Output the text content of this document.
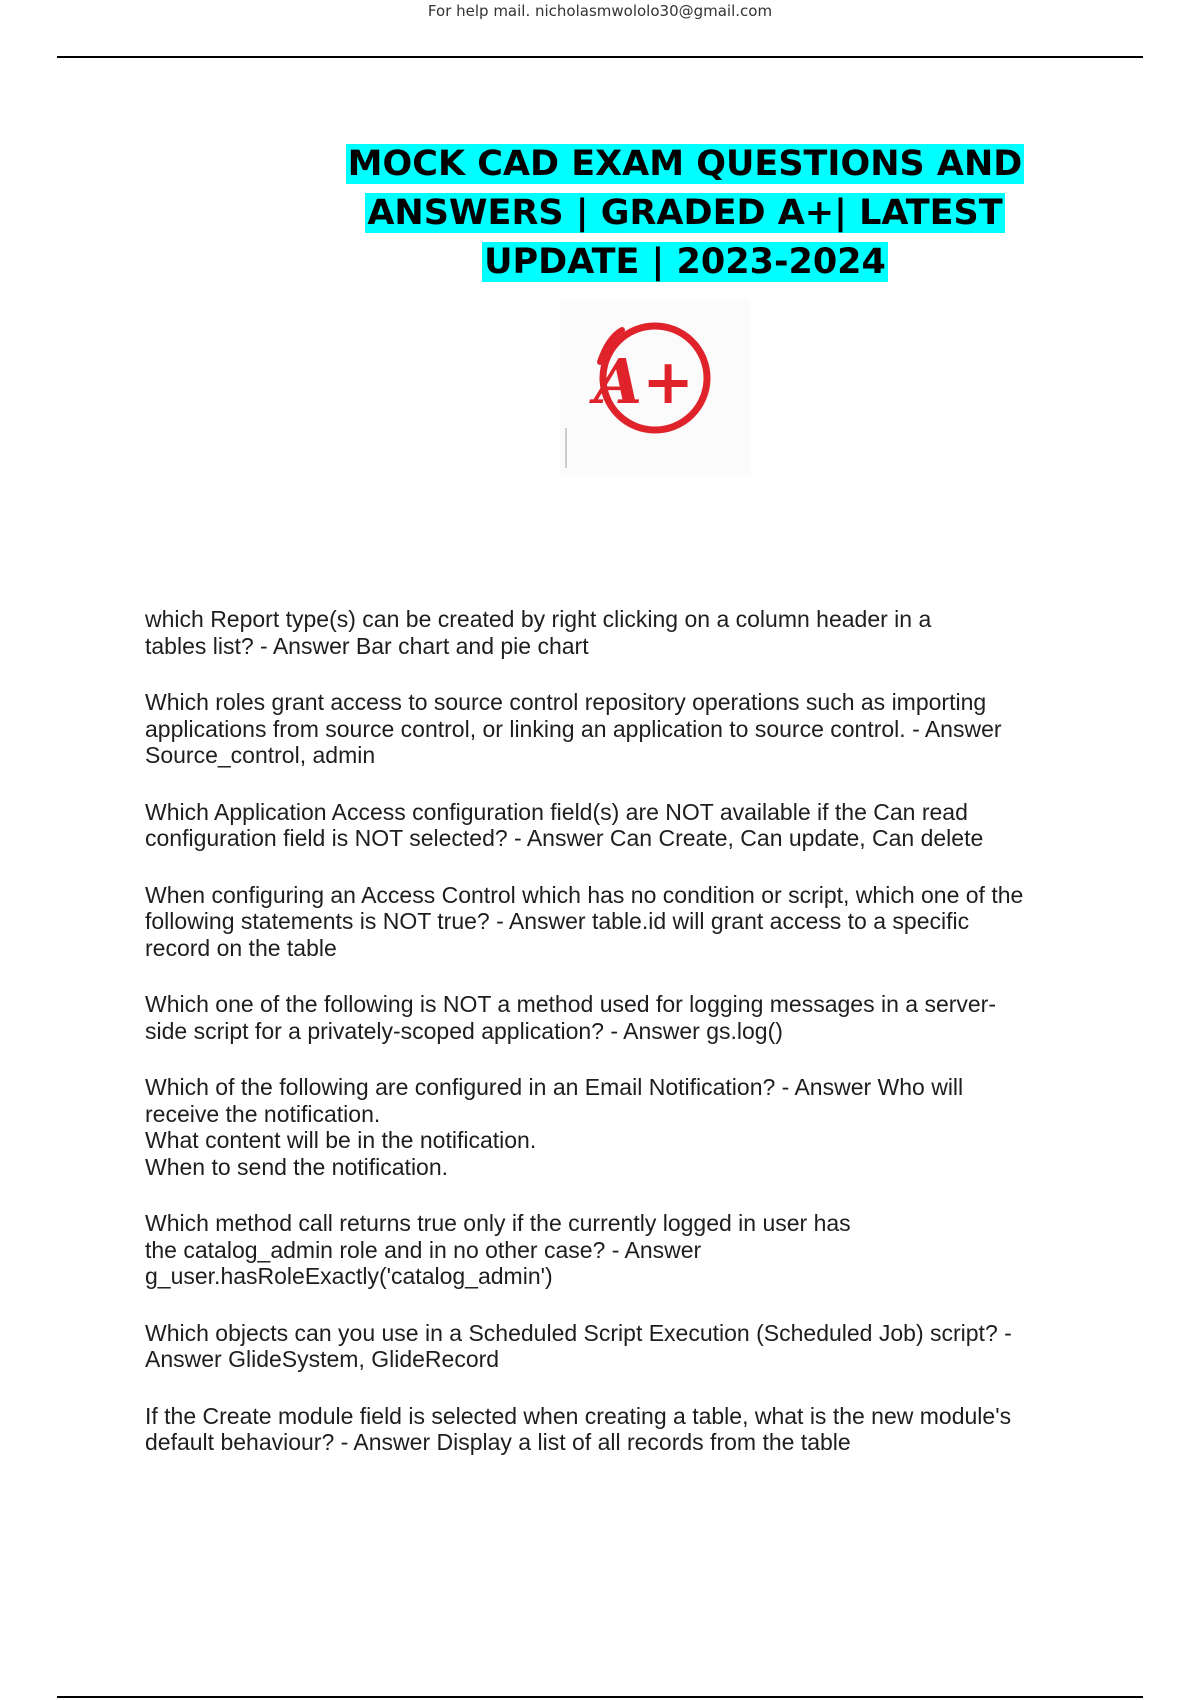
For help mail. nicholasmwololo30@gmail.com
MOCK CAD EXAM QUESTIONS AND
ANSWERS | GRADED A+| LATEST
UPDATE | 2023-2024
A+
which Report type(s) can be created by right clicking on a column header in a
tables list? - Answer Bar chart and pie chart
Which roles grant access to source control repository operations such as importing
applications from source control, or linking an application to source control. - Answer
Source_control, admin
Which Application Access configuration field(s) are NOT available if the Can read
configuration field is NOT selected? - Answer Can Create, Can update, Can delete
When configuring an Access Control which has no condition or script, which one of the
following statements is NOT true? - Answer table.id will grant access to a specific
record on the table
Which one of the following is NOT a method used for logging messages in a server-
side script for a privately-scoped application? - Answer gs.log()
Which of the following are configured in an Email Notification? - Answer Who will
receive the notification.
What content will be in the notification.
When to send the notification.
Which method call returns true only if the currently logged in user has
the catalog_admin role and in no other case? - Answer
g_user.hasRoleExactly('catalog_admin')
Which objects can you use in a Scheduled Script Execution (Scheduled Job) script? -
Answer GlideSystem, GlideRecord
If the Create module field is selected when creating a table, what is the new module's
default behaviour? - Answer Display a list of all records from the table
